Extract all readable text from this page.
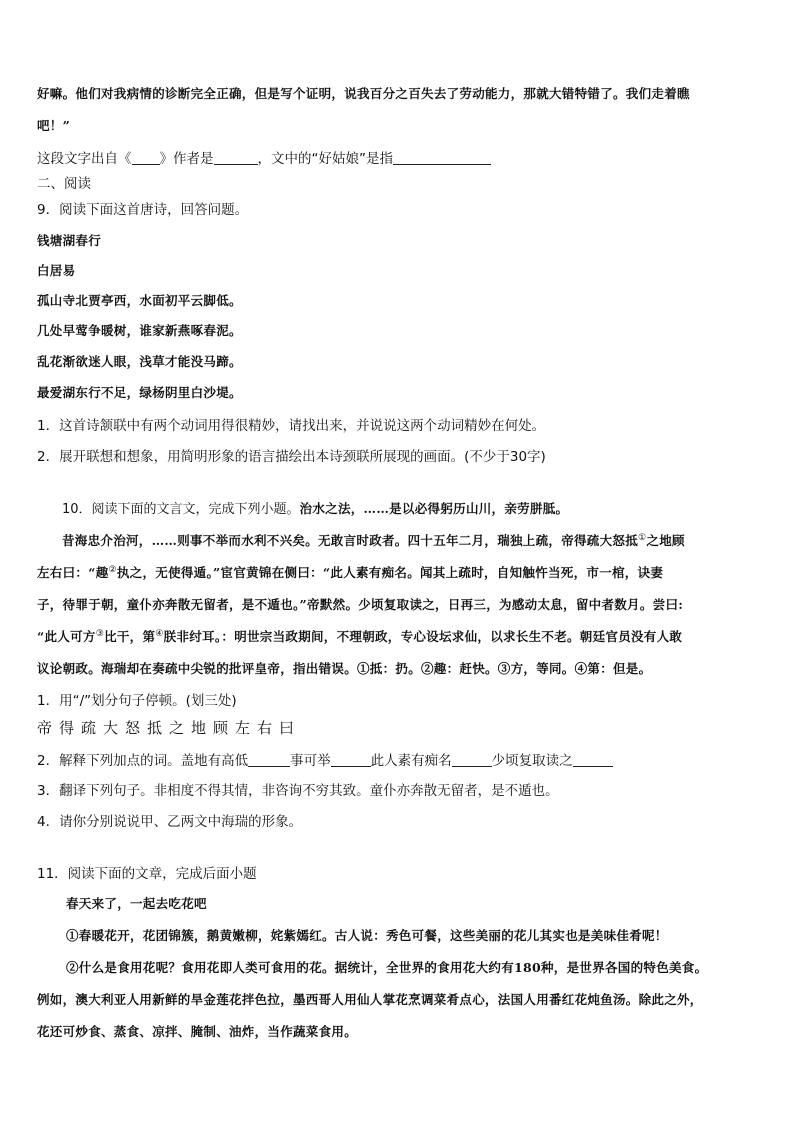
好嘛。他们对我病情的诊断完全正确，但是写个证明，说我百分之百失去了劳动能力，那就大错特错了。我们走着瞧
吧！”
这段文字出自《 》作者是	，文中的“好姑娘”是指
二、阅读
9．阅读下面这首唐诗，回答问题。
钱塘湖春行
白居易
孤山寺北贾亭西，水面初平云脚低。
几处早莺争暖树，谁家新燕啄春泥。
乱花渐欲迷人眼，浅草才能没马蹄。
最爱湖东行不足，绿杨阴里白沙堤。
1．这首诗颔联中有两个动词用得很精妙，请找出来，并说说这两个动词精妙在何处。
2．展开联想和想象，用简明形象的语言描绘出本诗颈联所展现的画面。(不少于30字)
10．阅读下面的文言文，完成下列小题。治水之法，……是以必得躬历山川，亲劳胼胝。
昔海忠介治河，……则事不举而水利不兴矣。无敢言时政者。四十五年二月，瑞独上疏，帝得疏大怒抵①之地顾
左右曰：“趣②执之，无使得遁。”宦官黄锦在侧曰：“此人素有痴名。闻其上疏时，自知触忤当死，市一棺，诀妻
子，待罪于朝，童仆亦奔散无留者，是不遁也。”帝默然。少顷复取读之，日再三，为感动太息，留中者数月。尝曰:
“此人可方③比干，第④朕非纣耳。：明世宗当政期间，不理朝政，专心设坛求仙，以求长生不老。朝廷官员没有人敢
议论朝政。海瑞却在奏疏中尖锐的批评皇帝，指出错误。①抵：扔。②趣：赶快。③方，等同。④第：但是。
1．用“/”划分句子停顿。(划三处)
帝得疏大怒抵之地顾左右曰
2．解释下列加点的词。盖地有高低	事可举	此人素有痴名	少顷复取读之
3．翻译下列句子。非相度不得其情，非咨询不穷其致。童仆亦奔散无留者，是不遁也。
4．请你分别说说甲、乙两文中海瑞的形象。
11．阅读下面的文章，完成后面小题
春天来了，一起去吃花吧
①春暖花开，花团锦簇，鹅黄嫩柳，姹紫嫣红。古人说：秀色可餐，这些美丽的花儿其实也是美味佳肴呢！
②什么是食用花呢？食用花即人类可食用的花。据统计，全世界的食用花大约有180种，是世界各国的特色美食。
例如，澳大利亚人用新鲜的旱金莲花拌色拉，墨西哥人用仙人掌花烹调菜肴点心，法国人用番红花炖鱼汤。除此之外，
花还可炒食、蒸食、凉拌、腌制、油炸，当作蔬菜食用。
